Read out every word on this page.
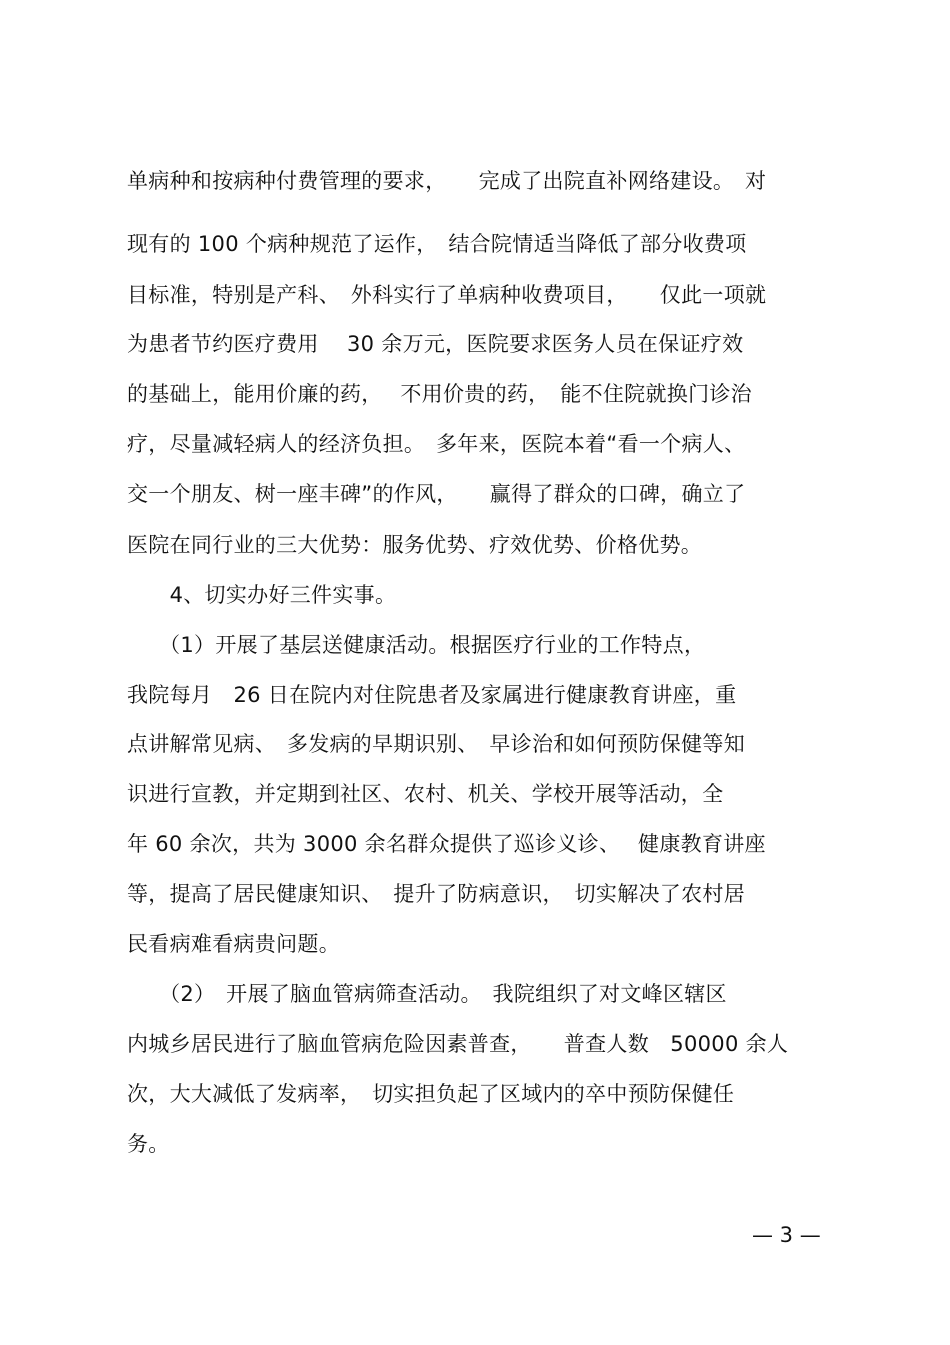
单病种和按病种付费管理的要求，　　完成了出院直补网络建设。　对
现有的 100 个病种规范了运作，　结合院情适当降低了部分收费项
目标准，特别是产科、　外科实行了单病种收费项目，　　仅此一项就
为患者节约医疗费用　 30 余万元，医院要求医务人员在保证疗效
的基础上，能用价廉的药，　 不用价贵的药，　能不住院就换门诊治
疗，尽量减轻病人的经济负担。　多年来，医院本着“看一个病人、
交一个朋友、树一座丰碑”的作风，　　赢得了群众的口碑，确立了
医院在同行业的三大优势：服务优势、疗效优势、价格优势。
　　4、切实办好三件实事。
　　（1）开展了基层送健康活动。根据医疗行业的工作特点，
我院每月　26 日在院内对住院患者及家属进行健康教育讲座，重
点讲解常见病、　多发病的早期识别、　早诊治和如何预防保健等知
识进行宣教，并定期到社区、农村、机关、学校开展等活动，全
年 60 余次，共为 3000 余名群众提供了巡诊义诊、　 健康教育讲座
等，提高了居民健康知识、　提升了防病意识，　切实解决了农村居
民看病难看病贵问题。
　　（2）　开展了脑血管病筛查活动。　我院组织了对文峰区辖区
内城乡居民进行了脑血管病危险因素普查，　　普查人数　50000 余人
次，大大减低了发病率，　切实担负起了区域内的卒中预防保健任
务。
— 3 —
